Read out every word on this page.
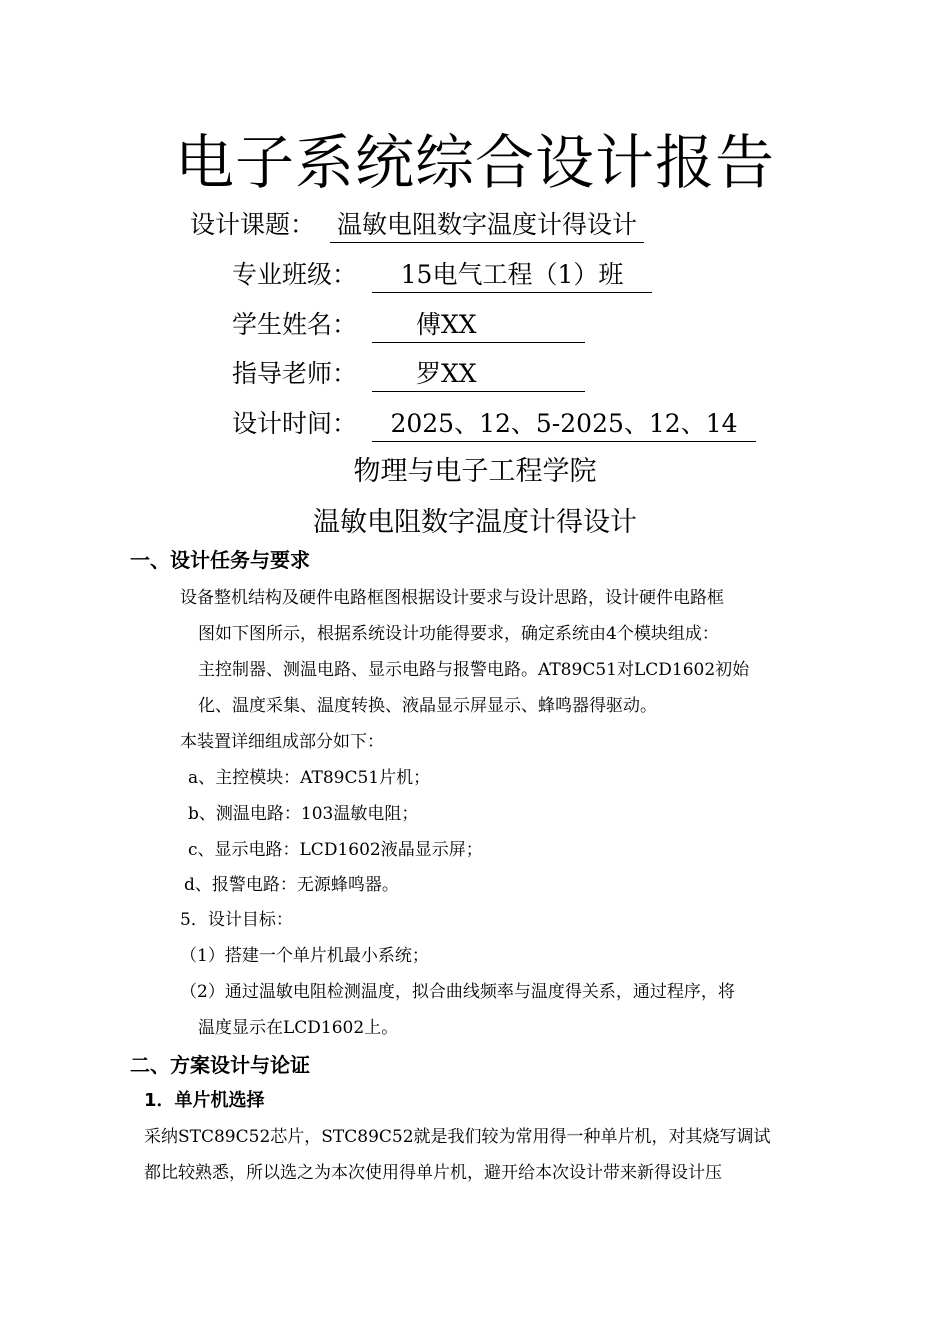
电子系统综合设计报告
设计课题： 温敏电阻数字温度计得设计
专业班级：	15电气工程（1）班
学生姓名：	傅XX
指导老师：	罗XX
设计时间：	2025、12、5-2025、12、14
物理与电子工程学院
温敏电阻数字温度计得设计
一、设计任务与要求
设备整机结构及硬件电路框图根据设计要求与设计思路，设计硬件电路框
图如下图所示，根据系统设计功能得要求，确定系统由4个模块组成：
主控制器、测温电路、显示电路与报警电路。AT89C51对LCD1602初始
化、温度采集、温度转换、液晶显示屏显示、蜂鸣器得驱动。
本装置详细组成部分如下：
a、主控模块：AT89C51片机；
b、测温电路：103温敏电阻；
c、显示电路：LCD1602液晶显示屏；
d、报警电路：无源蜂鸣器。
5．设计目标：
（1）搭建一个单片机最小系统；
（2）通过温敏电阻检测温度，拟合曲线频率与温度得关系，通过程序，将
温度显示在LCD1602上。
二、方案设计与论证
1．单片机选择
采纳STC89C52芯片，STC89C52就是我们较为常用得一种单片机，对其烧写调试
都比较熟悉，所以选之为本次使用得单片机，避开给本次设计带来新得设计压
